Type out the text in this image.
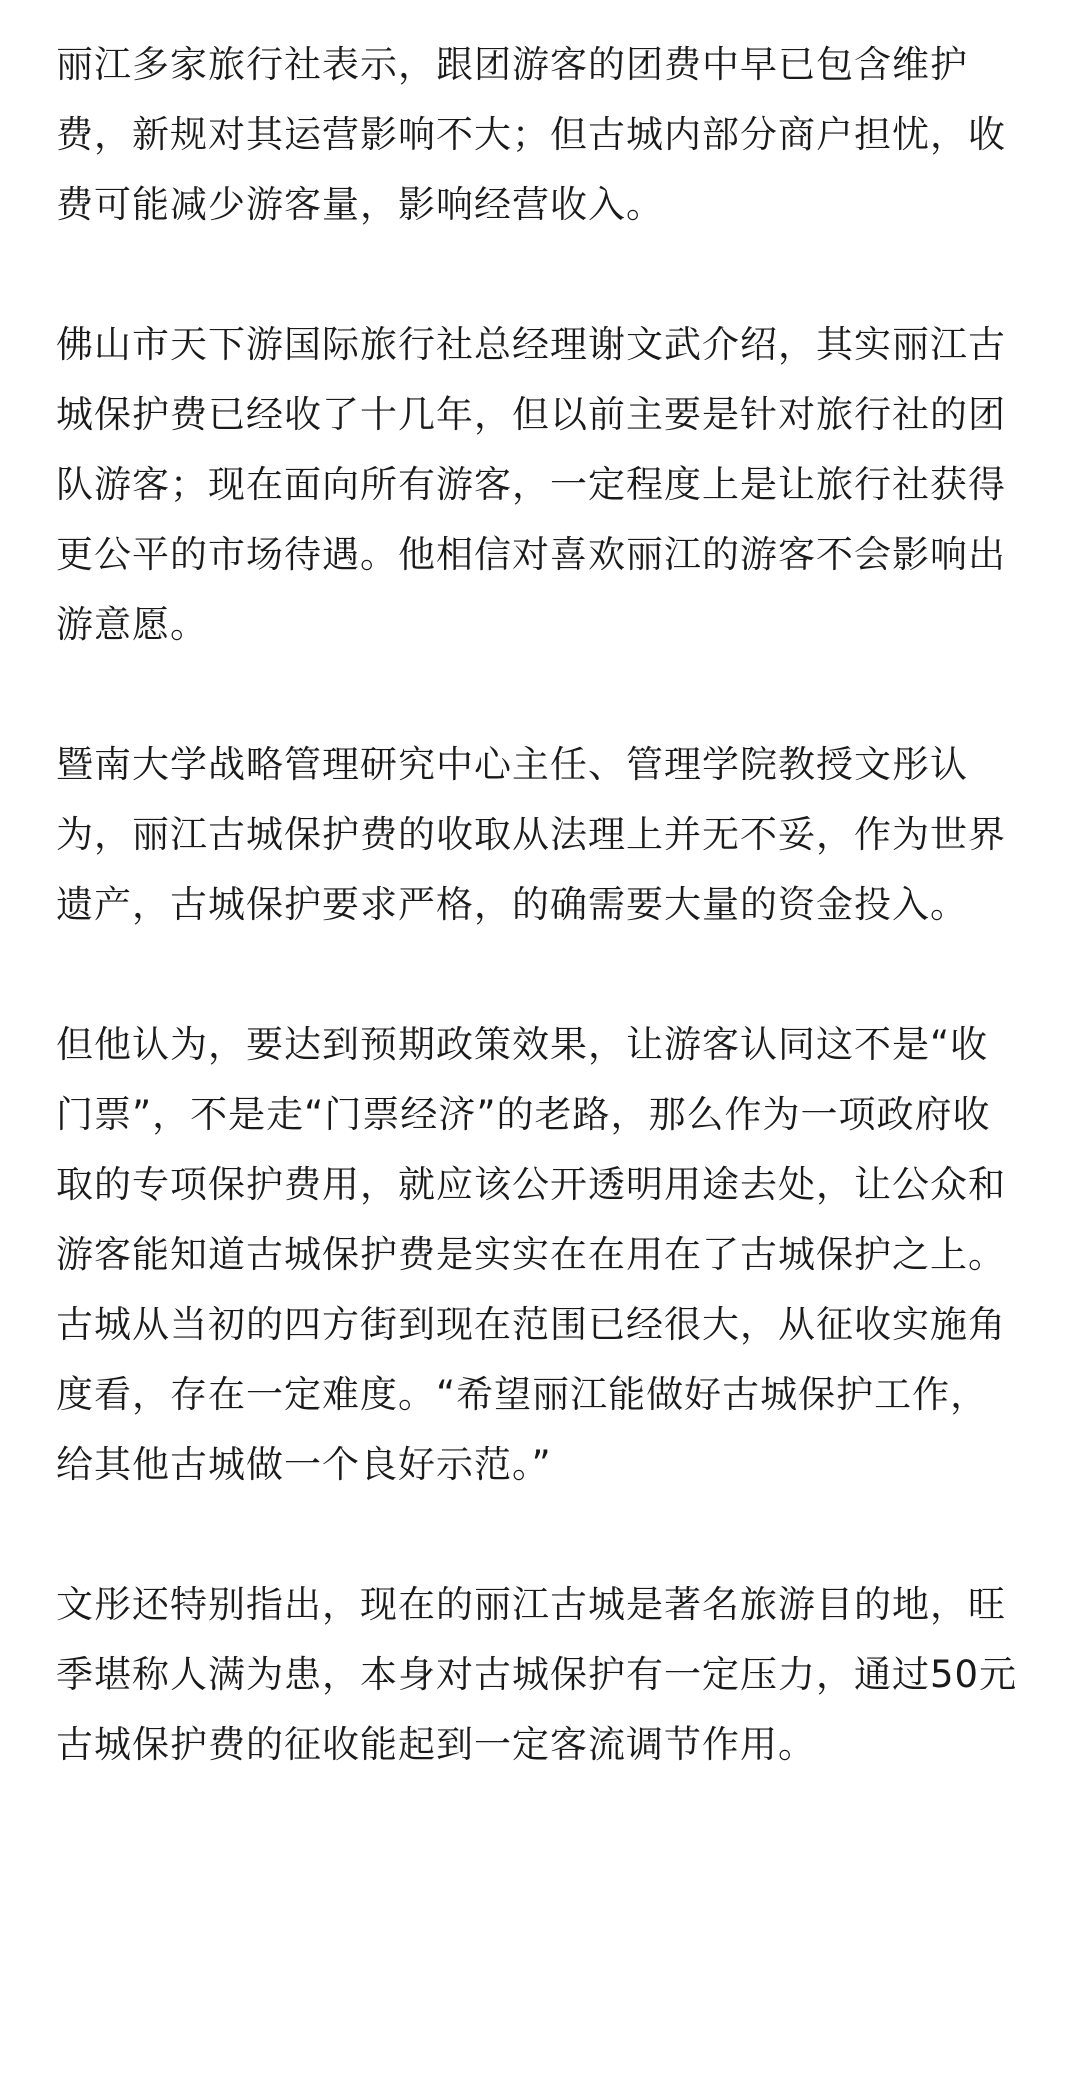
丽江多家旅行社表示，跟团游客的团费中早已包含维护费，新规对其运营影响不大；但古城内部分商户担忧，收费可能减少游客量，影响经营收入。

佛山市天下游国际旅行社总经理谢文武介绍，其实丽江古城保护费已经收了十几年，但以前主要是针对旅行社的团队游客；现在面向所有游客，一定程度上是让旅行社获得更公平的市场待遇。他相信对喜欢丽江的游客不会影响出游意愿。

暨南大学战略管理研究中心主任、管理学院教授文彤认为，丽江古城保护费的收取从法理上并无不妥，作为世界遗产，古城保护要求严格，的确需要大量的资金投入。

但他认为，要达到预期政策效果，让游客认同这不是“收门票”，不是走“门票经济”的老路，那么作为一项政府收取的专项保护费用，就应该公开透明用途去处，让公众和游客能知道古城保护费是实实在在用在了古城保护之上。古城从当初的四方街到现在范围已经很大，从征收实施角度看，存在一定难度。“希望丽江能做好古城保护工作，给其他古城做一个良好示范。”

文彤还特别指出，现在的丽江古城是著名旅游目的地，旺季堪称人满为患，本身对古城保护有一定压力，通过50元古城保护费的征收能起到一定客流调节作用。
